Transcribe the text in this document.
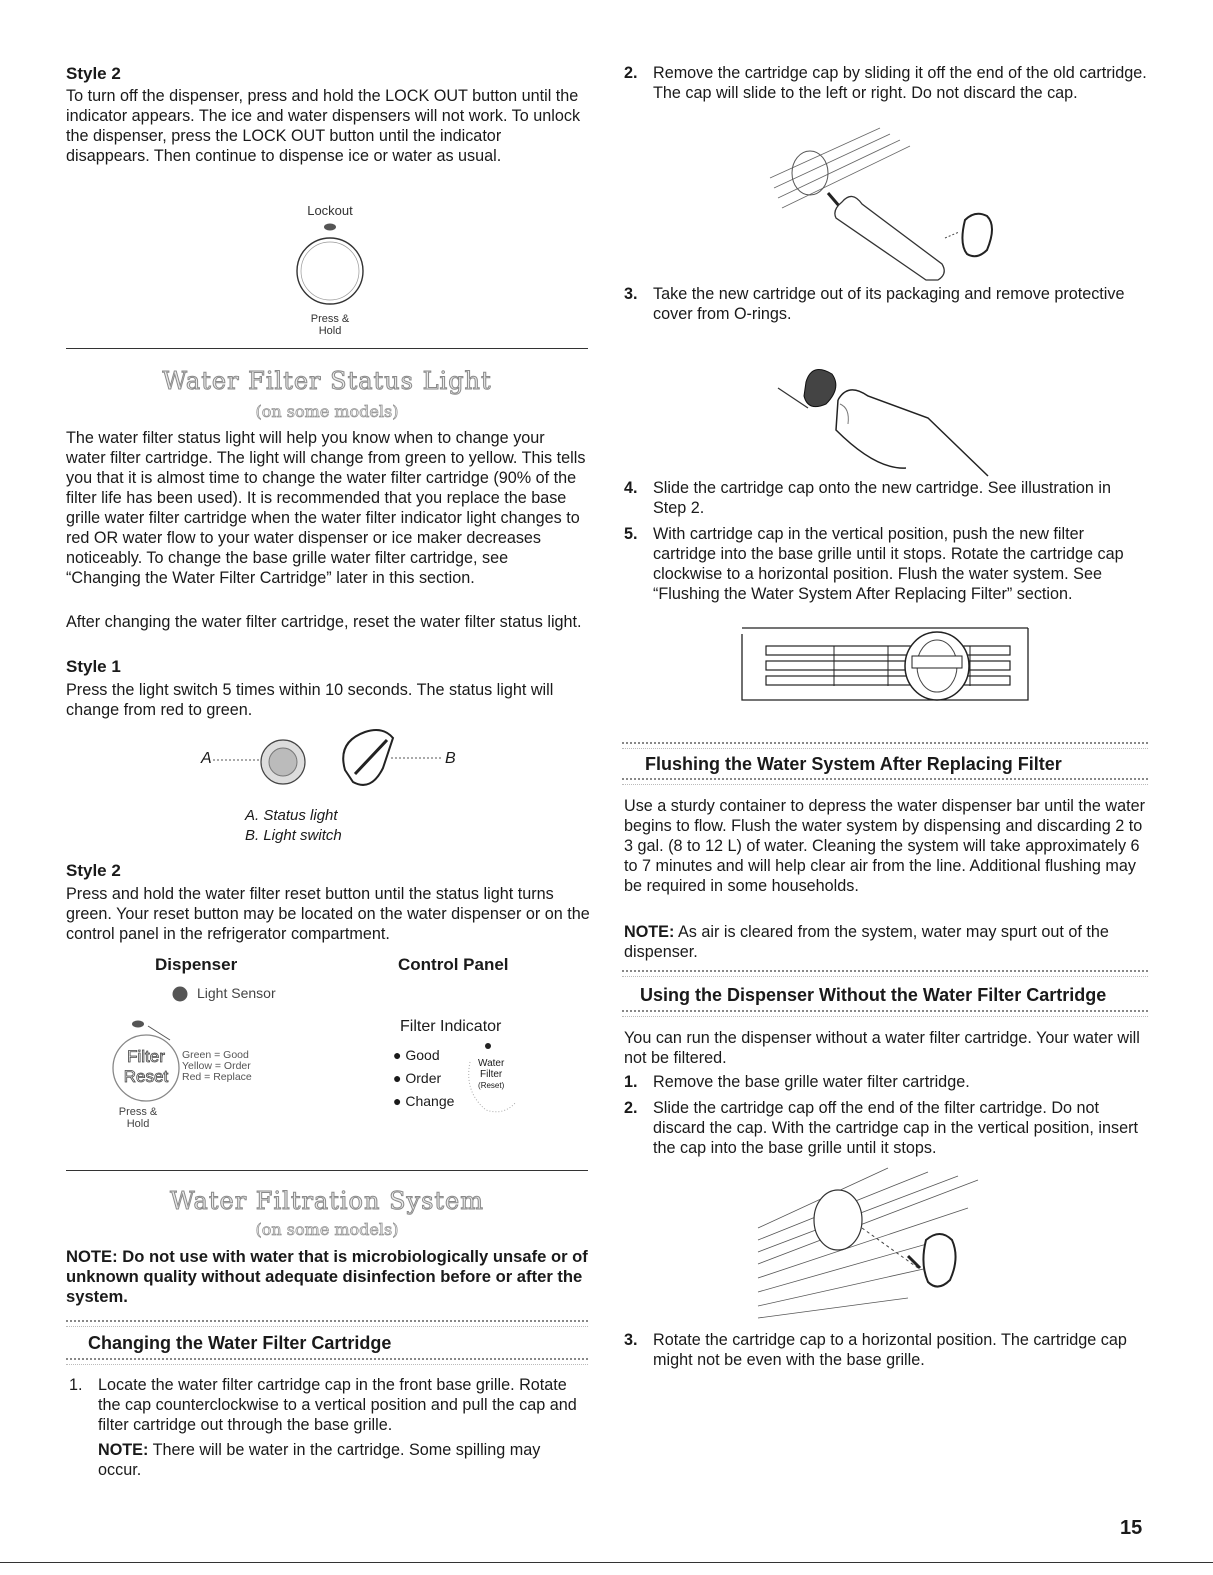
Style 2

To turn off the dispenser, press and hold the LOCK OUT button until the indicator appears. The ice and water dispensers will not work. To unlock the dispenser, press the LOCK OUT button until the indicator disappears. Then continue to dispense ice or water as usual.

Lockout
Press &
Hold
Water Filter Status Light
(on some models)

The water filter status light will help you know when to change your water filter cartridge. The light will change from green to yellow. This tells you that it is almost time to change the water filter cartridge (90% of the filter life has been used). It is recommended that you replace the base grille water filter cartridge when the water filter indicator light changes to red OR water flow to your water dispenser or ice maker decreases noticeably. To change the base grille water filter cartridge, see “Changing the Water Filter Cartridge” later in this section.

After changing the water filter cartridge, reset the water filter status light.

Style 1

Press the light switch 5 times within 10 seconds. The status light will change from red to green.

A	B
A. Status light
B. Light switch
Style 2

Press and hold the water filter reset button until the status light turns green. Your reset button may be located on the water dispenser or on the control panel in the refrigerator compartment.

Dispenser	Control Panel
Light Sensor
Filter
Reset
Green = Good
Yellow = Order
Red = Replace
Press &
Hold
Filter Indicator
● Good
● Order
● Change
Water
Filter
(Reset)
Water Filtration System
(on some models)

NOTE: Do not use with water that is microbiologically unsafe or of unknown quality without adequate disinfection before or after the system.

Changing the Water Filter Cartridge
1. Locate the water filter cartridge cap in the front base grille. Rotate the cap counterclockwise to a vertical position and pull the cap and filter cartridge out through the base grille.

NOTE: There will be water in the cartridge. Some spilling may occur.

2. Remove the cartridge cap by sliding it off the end of the old cartridge. The cap will slide to the left or right. Do not discard the cap.
3. Take the new cartridge out of its packaging and remove protective cover from O-rings.
4. Slide the cartridge cap onto the new cartridge. See illustration in Step 2.
5. With cartridge cap in the vertical position, push the new filter cartridge into the base grille until it stops. Rotate the cartridge cap clockwise to a horizontal position. Flush the water system. See “Flushing the Water System After Replacing Filter” section.
Flushing the Water System After Replacing Filter

Use a sturdy container to depress the water dispenser bar until the water begins to flow. Flush the water system by dispensing and discarding 2 to 3 gal. (8 to 12 L) of water. Cleaning the system will take approximately 6 to 7 minutes and will help clear air from the line. Additional flushing may be required in some households.

NOTE: As air is cleared from the system, water may spurt out of the dispenser.

Using the Dispenser Without the Water Filter Cartridge

You can run the dispenser without a water filter cartridge. Your water will not be filtered.

1. Remove the base grille water filter cartridge.
2. Slide the cartridge cap off the end of the filter cartridge. Do not discard the cap. With the cartridge cap in the vertical position, insert the cap into the base grille until it stops.
3. Rotate the cartridge cap to a horizontal position. The cartridge cap might not be even with the base grille.
15
